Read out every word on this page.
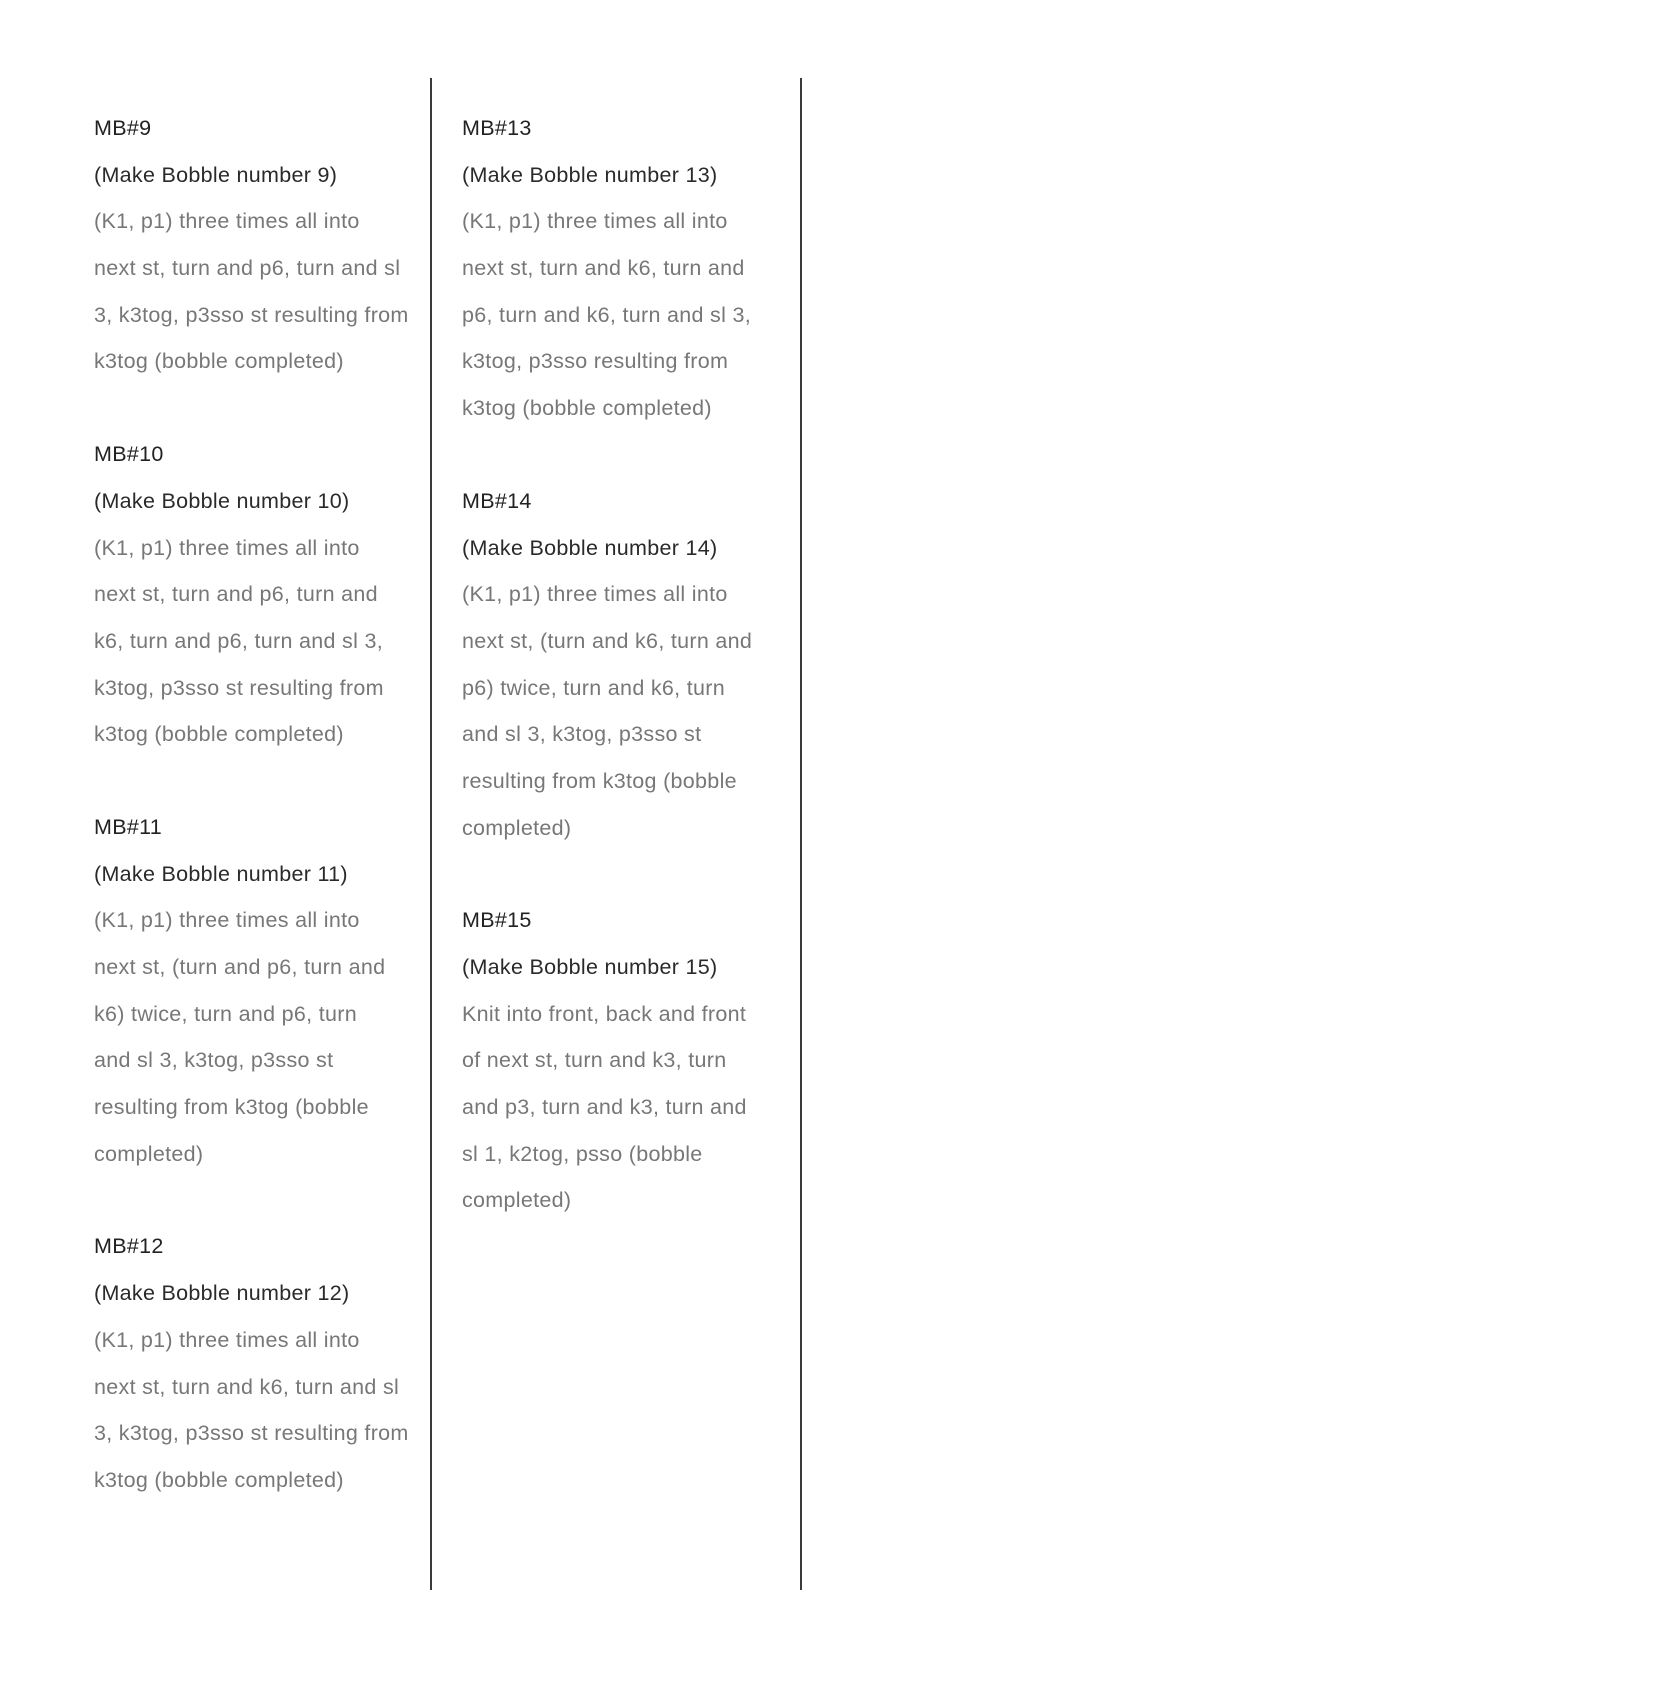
MB#9
(Make Bobble number 9)
(K1, p1) three times all into
next st, turn and p6, turn and sl
3, k3tog, p3sso st resulting from
k3tog (bobble completed)
MB#10
(Make Bobble number 10)
(K1, p1) three times all into
next st, turn and p6, turn and
k6, turn and p6, turn and sl 3,
k3tog, p3sso st resulting from
k3tog (bobble completed)
MB#11
(Make Bobble number 11)
(K1, p1) three times all into
next st, (turn and p6, turn and
k6) twice, turn and p6, turn
and sl 3, k3tog, p3sso st
resulting from k3tog (bobble
completed)
MB#12
(Make Bobble number 12)
(K1, p1) three times all into
next st, turn and k6, turn and sl
3, k3tog, p3sso st resulting from
k3tog (bobble completed)
MB#13
(Make Bobble number 13)
(K1, p1) three times all into
next st, turn and k6, turn and
p6, turn and k6, turn and sl 3,
k3tog, p3sso resulting from
k3tog (bobble completed)
MB#14
(Make Bobble number 14)
(K1, p1) three times all into
next st, (turn and k6, turn and
p6) twice, turn and k6, turn
and sl 3, k3tog, p3sso st
resulting from k3tog (bobble
completed)
MB#15
(Make Bobble number 15)
Knit into front, back and front
of next st, turn and k3, turn
and p3, turn and k3, turn and
sl 1, k2tog, psso (bobble
completed)
